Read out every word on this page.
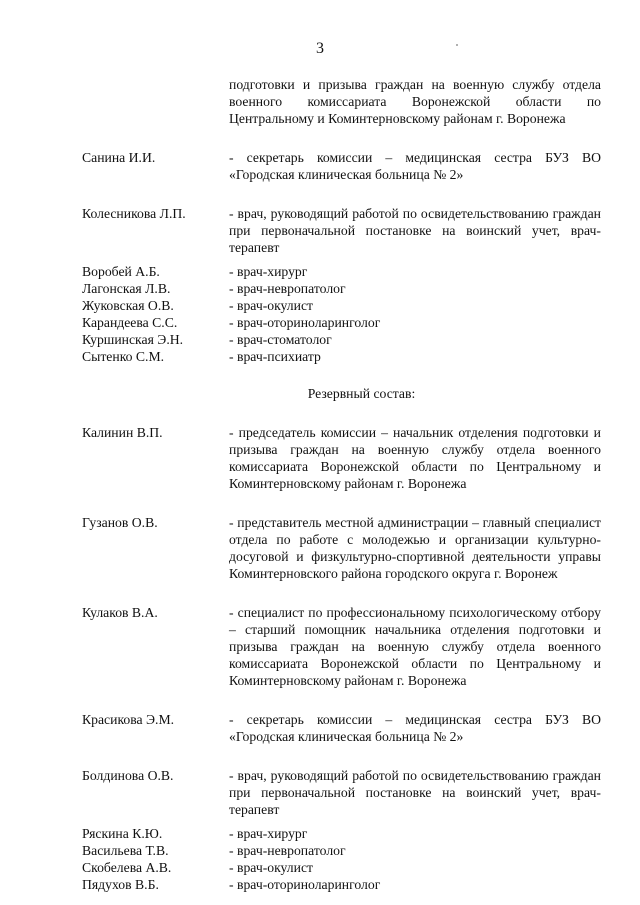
3
подготовки и призыва граждан на военную службу отдела военного комиссариата Воронежской области по Центральному и Коминтерновскому районам г. Воронежа
Санина И.И.	- секретарь комиссии – медицинская сестра БУЗ ВО «Городская клиническая больница № 2»
Колесникова Л.П.	- врач, руководящий работой по освидетельствованию граждан при первоначальной постановке на воинский учет, врач-терапевт
Воробей А.Б.	- врач-хирург
Лагонская Л.В.	- врач-невропатолог
Жуковская О.В.	- врач-окулист
Карандеева С.С.	- врач-оториноларинголог
Куршинская Э.Н.	- врач-стоматолог
Сытенко С.М.	- врач-психиатр
Резервный состав:
Калинин В.П.	- председатель комиссии – начальник отделения подготовки и призыва граждан на военную службу отдела военного комиссариата Воронежской области по Центральному и Коминтерновскому районам г. Воронежа
Гузанов О.В.	- представитель местной администрации – главный специалист отдела по работе с молодежью и организации культурно-досуговой и физкультурно-спортивной деятельности управы Коминтерновского района городского округа г. Воронеж
Кулаков В.А.	- специалист по профессиональному психологическому отбору – старший помощник начальника отделения подготовки и призыва граждан на военную службу отдела военного комиссариата Воронежской области по Центральному и Коминтерновскому районам г. Воронежа
Красикова Э.М.	- секретарь комиссии – медицинская сестра БУЗ ВО «Городская клиническая больница № 2»
Болдинова О.В.	- врач, руководящий работой по освидетельствованию граждан при первоначальной постановке на воинский учет, врач-терапевт
Ряскина К.Ю.	- врач-хирург
Васильева Т.В.	- врач-невропатолог
Скобелева А.В.	- врач-окулист
Пядухов В.Б.	- врач-оториноларинголог
